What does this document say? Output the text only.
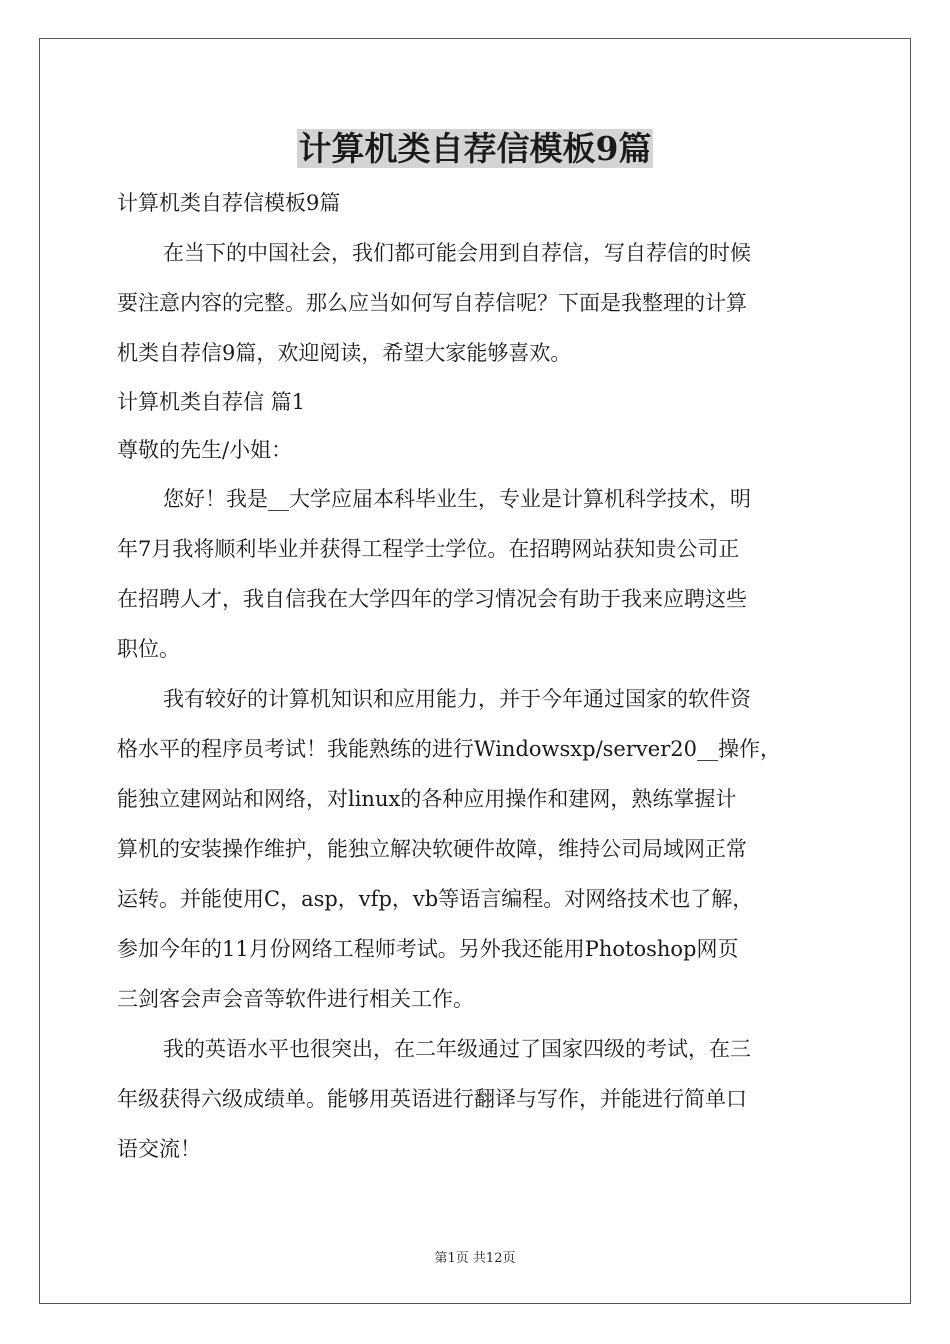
计算机类自荐信模板9篇

计算机类自荐信模板9篇

在当下的中国社会，我们都可能会用到自荐信，写自荐信的时候

要注意内容的完整。那么应当如何写自荐信呢？下面是我整理的计算

机类自荐信9篇，欢迎阅读，希望大家能够喜欢。

计算机类自荐信 篇1

尊敬的先生/小姐：

您好！我是__大学应届本科毕业生，专业是计算机科学技术，明

年7月我将顺利毕业并获得工程学士学位。在招聘网站获知贵公司正

在招聘人才，我自信我在大学四年的学习情况会有助于我来应聘这些

职位。

我有较好的计算机知识和应用能力，并于今年通过国家的软件资

格水平的程序员考试！我能熟练的进行Windowsxp/server20__操作，

能独立建网站和网络，对linux的各种应用操作和建网，熟练掌握计

算机的安装操作维护，能独立解决软硬件故障，维持公司局域网正常

运转。并能使用C，asp，vfp，vb等语言编程。对网络技术也了解，

参加今年的11月份网络工程师考试。另外我还能用Photoshop网页

三剑客会声会音等软件进行相关工作。

我的英语水平也很突出，在二年级通过了国家四级的考试，在三

年级获得六级成绩单。能够用英语进行翻译与写作，并能进行简单口

语交流！

第1页 共12页
